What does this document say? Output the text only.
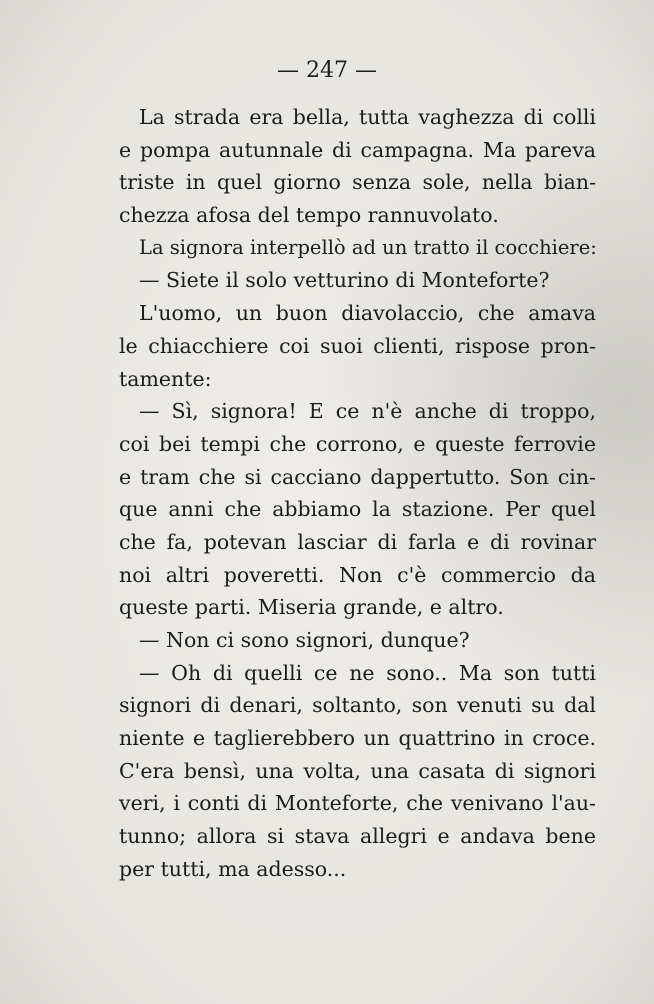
— 247 —
La strada era bella, tutta vaghezza di colli
e pompa autunnale di campagna. Ma pareva
triste in quel giorno senza sole, nella bian-
chezza afosa del tempo rannuvolato.
La signora interpellò ad un tratto il cocchiere:
— Siete il solo vetturino di Monteforte?
L'uomo, un buon diavolaccio, che amava
le chiacchiere coi suoi clienti, rispose pron-
tamente:
— Sì, signora! E ce n'è anche di troppo,
coi bei tempi che corrono, e queste ferrovie
e tram che si cacciano dappertutto. Son cin-
que anni che abbiamo la stazione. Per quel
che fa, potevan lasciar di farla e di rovinar
noi altri poveretti. Non c'è commercio da
queste parti. Miseria grande, e altro.
— Non ci sono signori, dunque?
— Oh di quelli ce ne sono.. Ma son tutti
signori di denari, soltanto, son venuti su dal
niente e taglierebbero un quattrino in croce.
C'era bensì, una volta, una casata di signori
veri, i conti di Monteforte, che venivano l'au-
tunno; allora si stava allegri e andava bene
per tutti, ma adesso...
